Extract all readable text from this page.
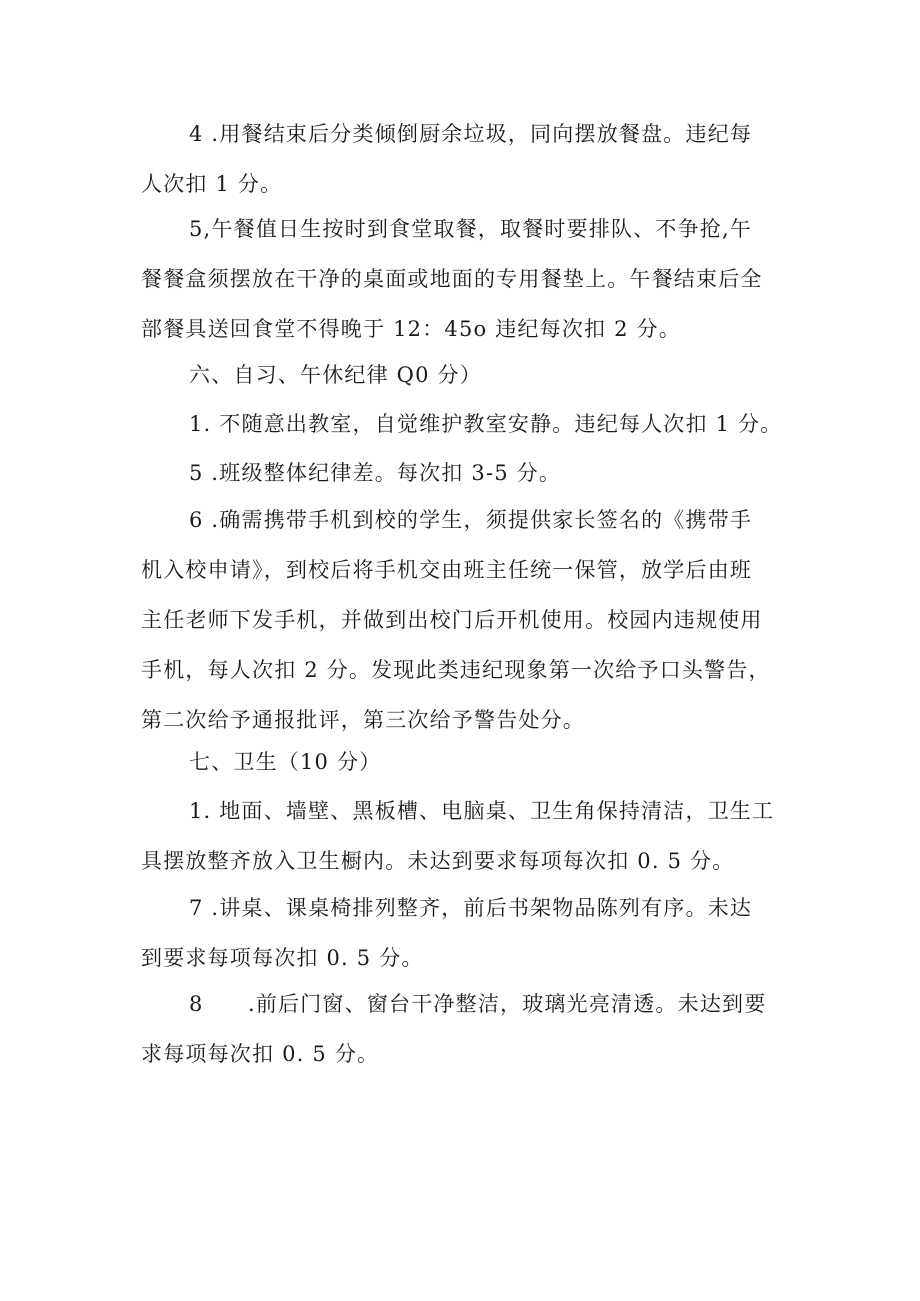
4 .用餐结束后分类倾倒厨余垃圾，同向摆放餐盘。违纪每
人次扣 1 分。
5,午餐值日生按时到食堂取餐，取餐时要排队、不争抢,午
餐餐盒须摆放在干净的桌面或地面的专用餐垫上。午餐结束后全
部餐具送回食堂不得晚于 12：45o 违纪每次扣 2 分。
六、自习、午休纪律 Q0 分）
1. 不随意出教室，自觉维护教室安静。违纪每人次扣 1 分。
5 .班级整体纪律差。每次扣 3-5 分。
6 .确需携带手机到校的学生，须提供家长签名的《携带手
机入校申请》，到校后将手机交由班主任统一保管，放学后由班
主任老师下发手机，并做到出校门后开机使用。校园内违规使用
手机，每人次扣 2 分。发现此类违纪现象第一次给予口头警告，
第二次给予通报批评，第三次给予警告处分。
七、卫生（10 分）
1. 地面、墙壁、黑板槽、电脑桌、卫生角保持清洁，卫生工
具摆放整齐放入卫生橱内。未达到要求每项每次扣 0. 5 分。
7 .讲桌、课桌椅排列整齐，前后书架物品陈列有序。未达
到要求每项每次扣 0. 5 分。
8  .前后门窗、窗台干净整洁，玻璃光亮清透。未达到要
求每项每次扣 0. 5 分。
